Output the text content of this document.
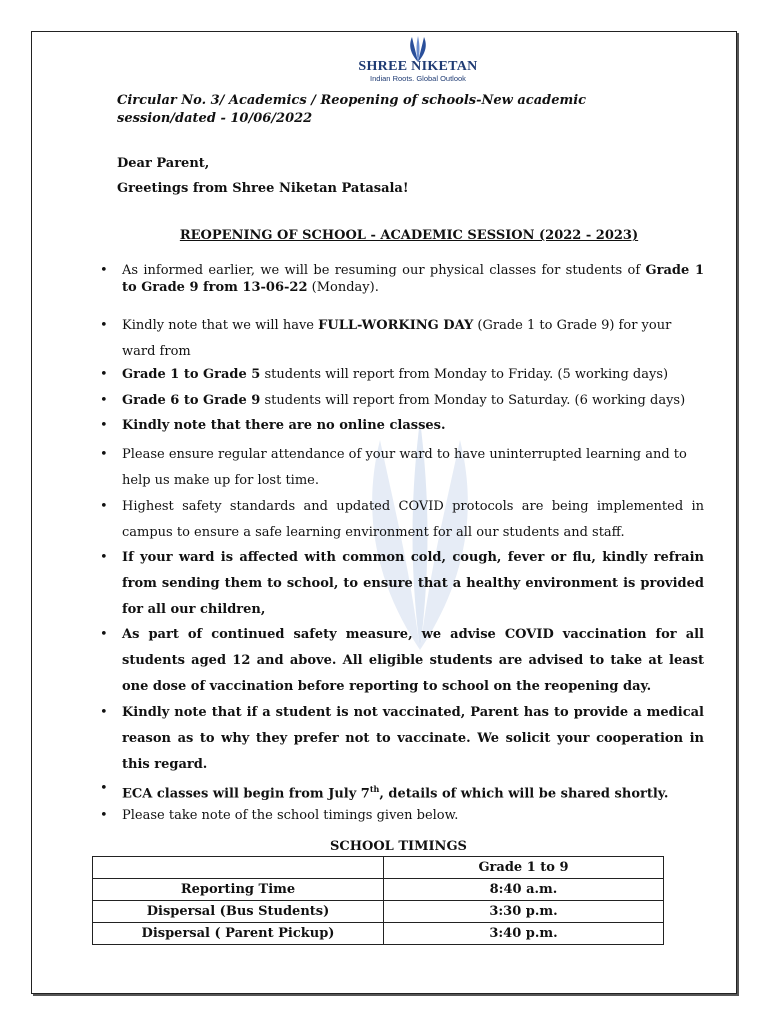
SHREE NIKETAN
Indian Roots. Global Outlook
Circular No. 3/ Academics / Reopening of schools-New academic session/dated - 10/06/2022
Dear Parent,
Greetings from Shree Niketan Patasala!
REOPENING OF SCHOOL - ACADEMIC SESSION (2022 - 2023)
• As informed earlier, we will be resuming our physical classes for students of Grade 1 to Grade 9 from 13-06-22 (Monday).
• Kindly note that we will have FULL-WORKING DAY (Grade 1 to Grade 9) for your ward from
• Grade 1 to Grade 5 students will report from Monday to Friday. (5 working days)
• Grade 6 to Grade 9 students will report from Monday to Saturday. (6 working days)
• Kindly note that there are no online classes.
• Please ensure regular attendance of your ward to have uninterrupted learning and to help us make up for lost time.
• Highest safety standards and updated COVID protocols are being implemented in campus to ensure a safe learning environment for all our students and staff.
• If your ward is affected with common cold, cough, fever or flu, kindly refrain from sending them to school, to ensure that a healthy environment is provided for all our children,
• As part of continued safety measure, we advise COVID vaccination for all students aged 12 and above. All eligible students are advised to take at least one dose of vaccination before reporting to school on the reopening day.
• Kindly note that if a student is not vaccinated, Parent has to provide a medical reason as to why they prefer not to vaccinate. We solicit your cooperation in this regard.
• ECA classes will begin from July 7th, details of which will be shared shortly.
• Please take note of the school timings given below.
SCHOOL TIMINGS
	Grade 1 to 9
Reporting Time	8:40 a.m.
Dispersal (Bus Students)	3:30 p.m.
Dispersal ( Parent Pickup)	3:40 p.m.
